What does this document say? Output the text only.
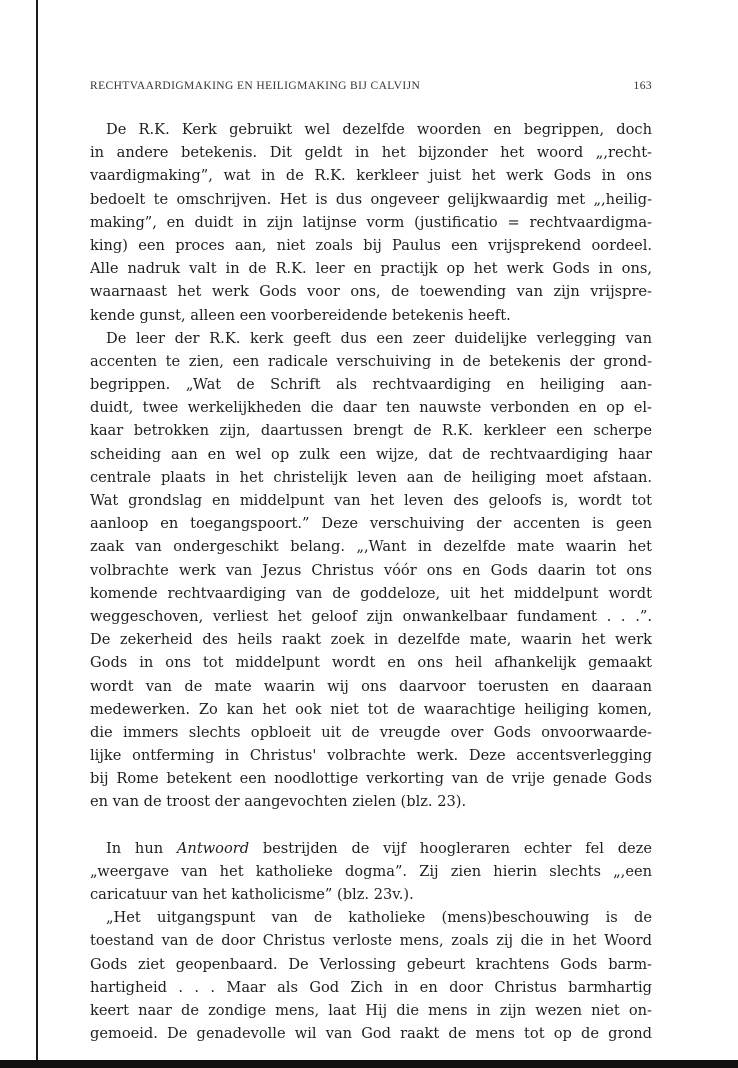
RECHTVAARDIGMAKING EN HEILIGMAKING BIJ CALVIJN	163
De R.K. Kerk gebruikt wel dezelfde woorden en begrippen, doch
in andere betekenis. Dit geldt in het bijzonder het woord „,recht-
vaardigmaking”, wat in de R.K. kerkleer juist het werk Gods in ons
bedoelt te omschrijven. Het is dus ongeveer gelijkwaardig met „,heilig-
making”, en duidt in zijn latijnse vorm (justificatio = rechtvaardigma-
king) een proces aan, niet zoals bij Paulus een vrijsprekend oordeel.
Alle nadruk valt in de R.K. leer en practijk op het werk Gods in ons,
waarnaast het werk Gods voor ons, de toewending van zijn vrijspre-
kende gunst, alleen een voorbereidende betekenis heeft.
De leer der R.K. kerk geeft dus een zeer duidelijke verlegging van
accenten te zien, een radicale verschuiving in de betekenis der grond-
begrippen. „Wat de Schrift als rechtvaardiging en heiliging aan-
duidt, twee werkelijkheden die daar ten nauwste verbonden en op el-
kaar betrokken zijn, daartussen brengt de R.K. kerkleer een scherpe
scheiding aan en wel op zulk een wijze, dat de rechtvaardiging haar
centrale plaats in het christelijk leven aan de heiliging moet afstaan.
Wat grondslag en middelpunt van het leven des geloofs is, wordt tot
aanloop en toegangspoort.” Deze verschuiving der accenten is geen
zaak van ondergeschikt belang. „,Want in dezelfde mate waarin het
volbrachte werk van Jezus Christus vóór ons en Gods daarin tot ons
komende rechtvaardiging van de goddeloze, uit het middelpunt wordt
weggeschoven, verliest het geloof zijn onwankelbaar fundament . . .”.
De zekerheid des heils raakt zoek in dezelfde mate, waarin het werk
Gods in ons tot middelpunt wordt en ons heil afhankelijk gemaakt
wordt van de mate waarin wij ons daarvoor toerusten en daaraan
medewerken. Zo kan het ook niet tot de waarachtige heiliging komen,
die immers slechts opbloeit uit de vreugde over Gods onvoorwaarde-
lijke ontferming in Christus' volbrachte werk. Deze accentsverlegging
bij Rome betekent een noodlottige verkorting van de vrije genade Gods
en van de troost der aangevochten zielen (blz. 23).
In hun Antwoord bestrijden de vijf hoogleraren echter fel deze
„weergave van het katholieke dogma”. Zij zien hierin slechts „,een
caricatuur van het katholicisme” (blz. 23v.).
„Het uitgangspunt van de katholieke (mens)beschouwing is de
toestand van de door Christus verloste mens, zoals zij die in het Woord
Gods ziet geopenbaard. De Verlossing gebeurt krachtens Gods barm-
hartigheid . . . Maar als God Zich in en door Christus barmhartig
keert naar de zondige mens, laat Hij die mens in zijn wezen niet on-
gemoeid. De genadevolle wil van God raakt de mens tot op de grond
